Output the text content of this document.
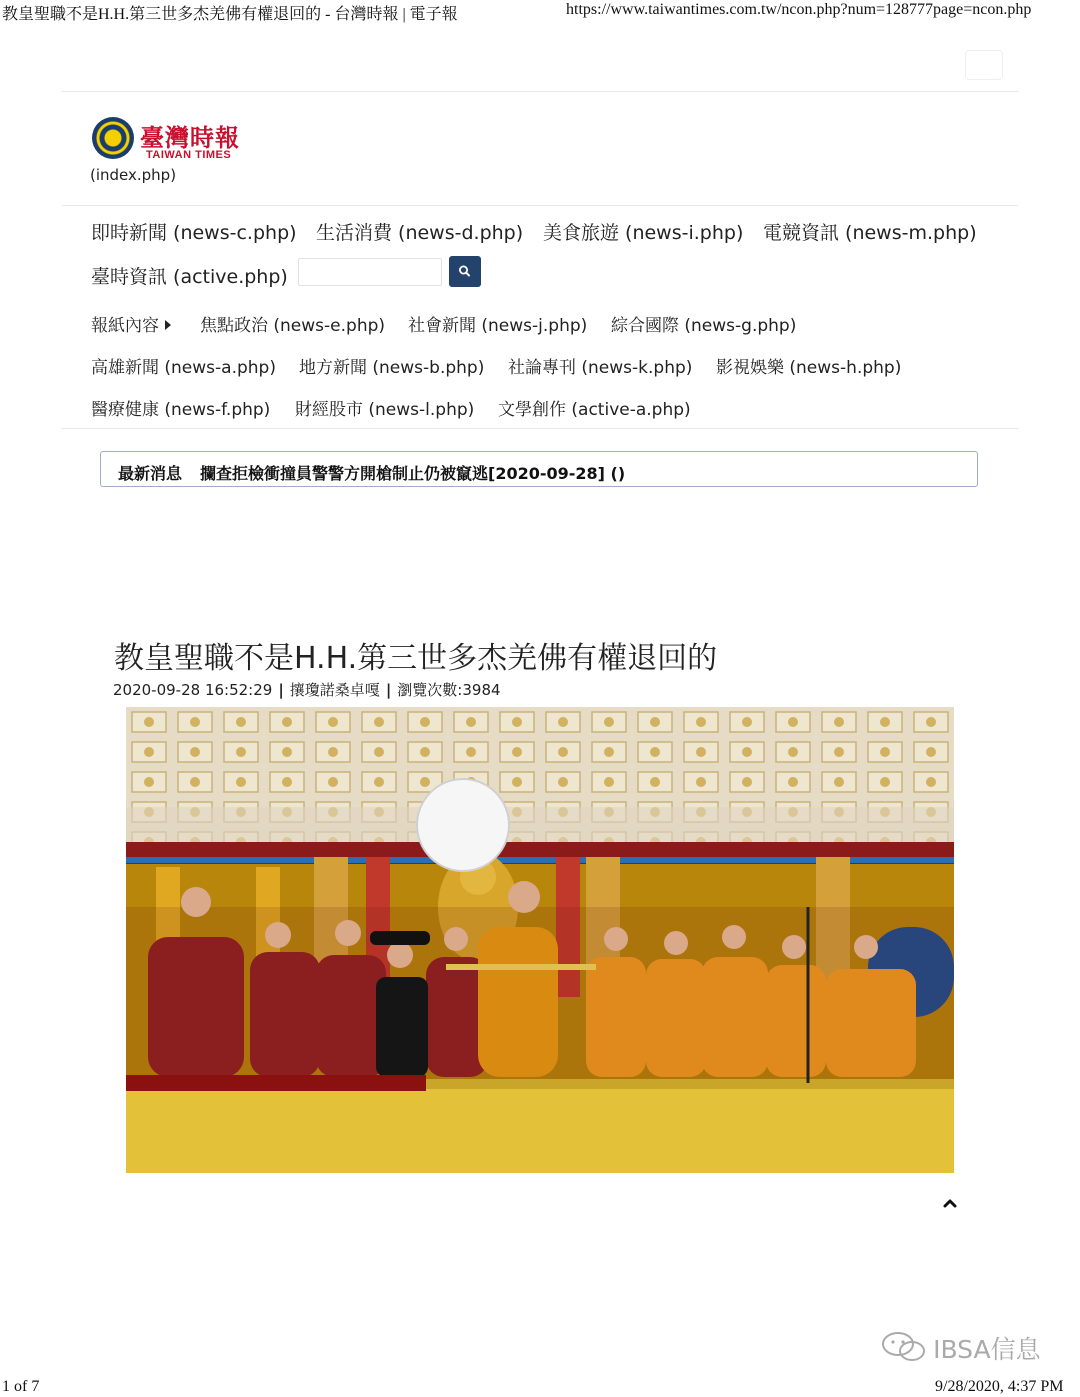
教皇聖職不是H.H.第三世多杰羌佛有權退回的 - 台灣時報 | 電子報	https://www.taiwantimes.com.tw/ncon.php?num=128777page=ncon.php
臺灣時報
TAIWAN TIMES
(index.php)
即時新聞 (news-c.php) 生活消費 (news-d.php) 美食旅遊 (news-i.php) 電競資訊 (news-m.php)
臺時資訊 (active.php)
報紙內容	焦點政治 (news-e.php) 社會新聞 (news-j.php) 綜合國際 (news-g.php)
高雄新聞 (news-a.php) 地方新聞 (news-b.php) 社論專刊 (news-k.php) 影視娛樂 (news-h.php)
醫療健康 (news-f.php) 財經股市 (news-l.php) 文學創作 (active-a.php)
最新消息 攔查拒檢衝撞員警警方開槍制止仍被竄逃[2020-09-28] ()
教皇聖職不是H.H.第三世多杰羌佛有權退回的
2020-09-28 16:52:29 | 攘瓊諾桑卓嘎 | 瀏覽次數:3984
IBSA信息
1 of 7	9/28/2020, 4:37 PM
